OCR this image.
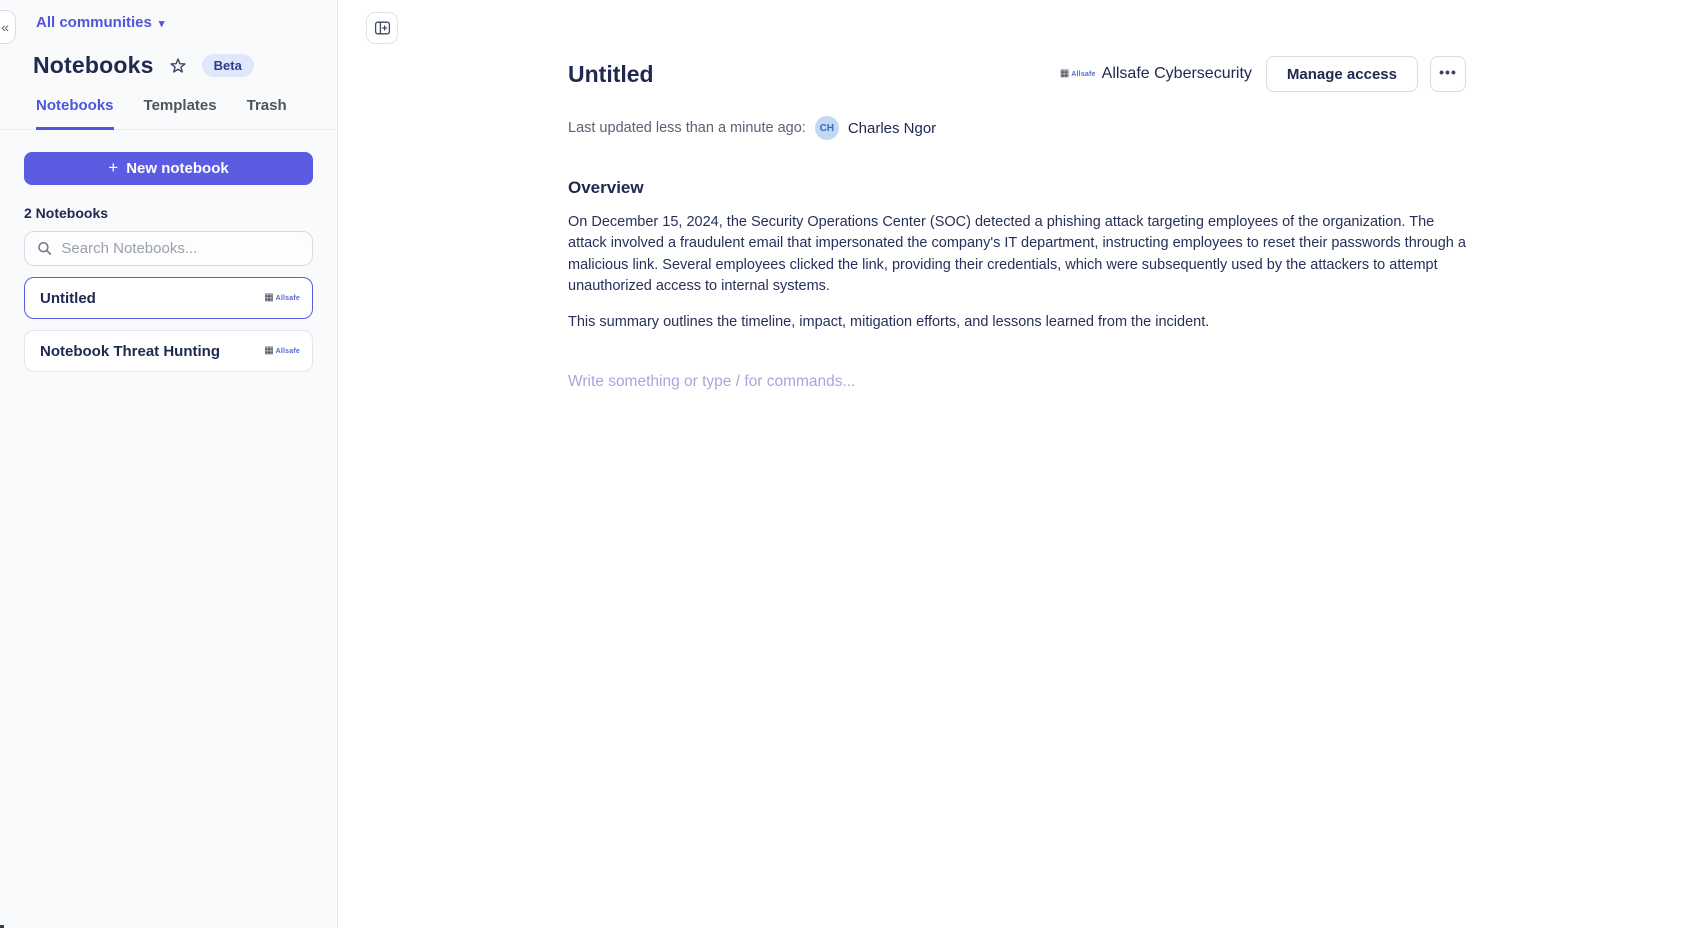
«	All communities ▾
Notebooks	Beta
Notebooks Templates Trash
+ New notebook
2 Notebooks
Search Notebooks...
Untitled	▦ Allsafe
Notebook Threat Hunting	▦ Allsafe
Untitled	▦ Allsafe Allsafe Cybersecurity	Manage access	•••
Last updated less than a minute ago:	CH Charles Ngor
Overview

On December 15, 2024, the Security Operations Center (SOC) detected a phishing attack targeting employees of the organization. The attack involved a fraudulent email that impersonated the company's IT department, instructing employees to reset their passwords through a malicious link. Several employees clicked the link, providing their credentials, which were subsequently used by the attackers to attempt unauthorized access to internal systems.

This summary outlines the timeline, impact, mitigation efforts, and lessons learned from the incident.

Write something or type / for commands...
